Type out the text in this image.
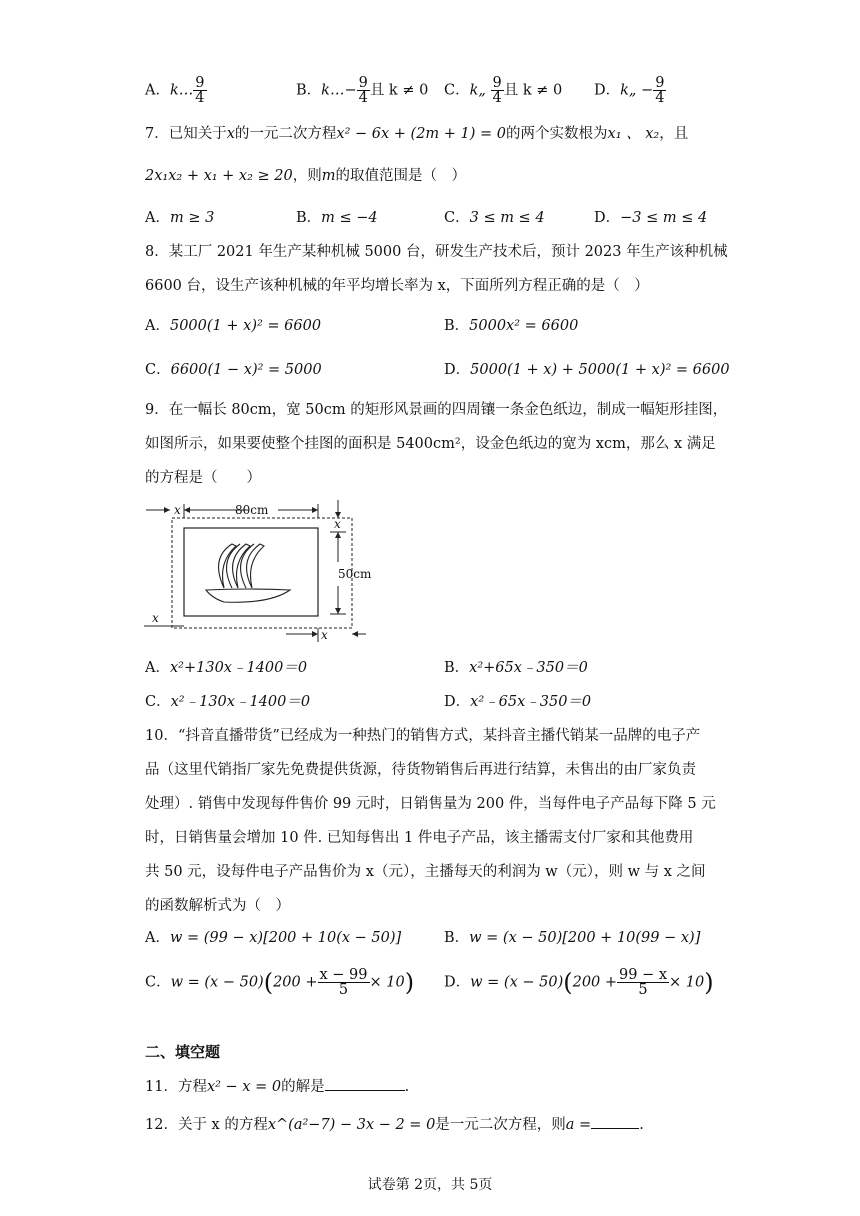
A．k… $\frac{9}{4}$	B．k…− $\frac{9}{4}$ 且 k ≠ 0 C．k„ $\frac{9}{4}$ 且 k ≠ 0 D．k„ − $\frac{9}{4}$
7．已知关于x的一元二次方程x² − 6x + (2m + 1) = 0的两个实数根为x₁ 、 x₂，且
2x₁x₂ + x₁ + x₂ ≥ 20，则m的取值范围是（　）
A．m ≥ 3	B．m ≤ −4	C．3 ≤ m ≤ 4	D．−3 ≤ m ≤ 4
8．某工厂 2021 年生产某种机械 5000 台，研发生产技术后，预计 2023 年生产该种机械
6600 台，设生产该种机械的年平均增长率为 x，下面所列方程正确的是（　）
A．5000(1 + x)² = 6600	B．5000x² = 6600
C．6600(1 − x)² = 5000	D．5000(1 + x) + 5000(1 + x)² = 6600
9．在一幅长 80cm，宽 50cm 的矩形风景画的四周镶一条金色纸边，制成一幅矩形挂图，
如图所示，如果要使整个挂图的面积是 5400cm²，设金色纸边的宽为 xcm，那么 x 满足
的方程是（　　）
80cm
x
x
50cm
x
x
A．x²+130x﹣1400＝0	B．x²+65x﹣350＝0
C．x²﹣130x﹣1400＝0	D．x²﹣65x﹣350＝0
10．“抖音直播带货”已经成为一种热门的销售方式，某抖音主播代销某一品牌的电子产
品（这里代销指厂家先免费提供货源，待货物销售后再进行结算，未售出的由厂家负责
处理）. 销售中发现每件售价 99 元时，日销售量为 200 件，当每件电子产品每下降 5 元
时，日销售量会增加 10 件. 已知每售出 1 件电子产品，该主播需支付厂家和其他费用
共 50 元，设每件电子产品售价为 x（元），主播每天的利润为 w（元），则 w 与 x 之间
的函数解析式为（　）
A．w = (99 − x)[200 + 10(x − 50)]	B．w = (x − 50)[200 + 10(99 − x)]
C．$w = (x - 50)(200 + \frac{x - 99}{5} \times 10)$ D．$w = (x - 50)(200 + \frac{99 - x}{5} \times 10)$
二、填空题
11．方程x² − x = 0的解是	.
12．关于 x 的方程x^(a²−7) − 3x − 2 = 0是一元二次方程，则a =	.
试卷第 2页，共 5页
